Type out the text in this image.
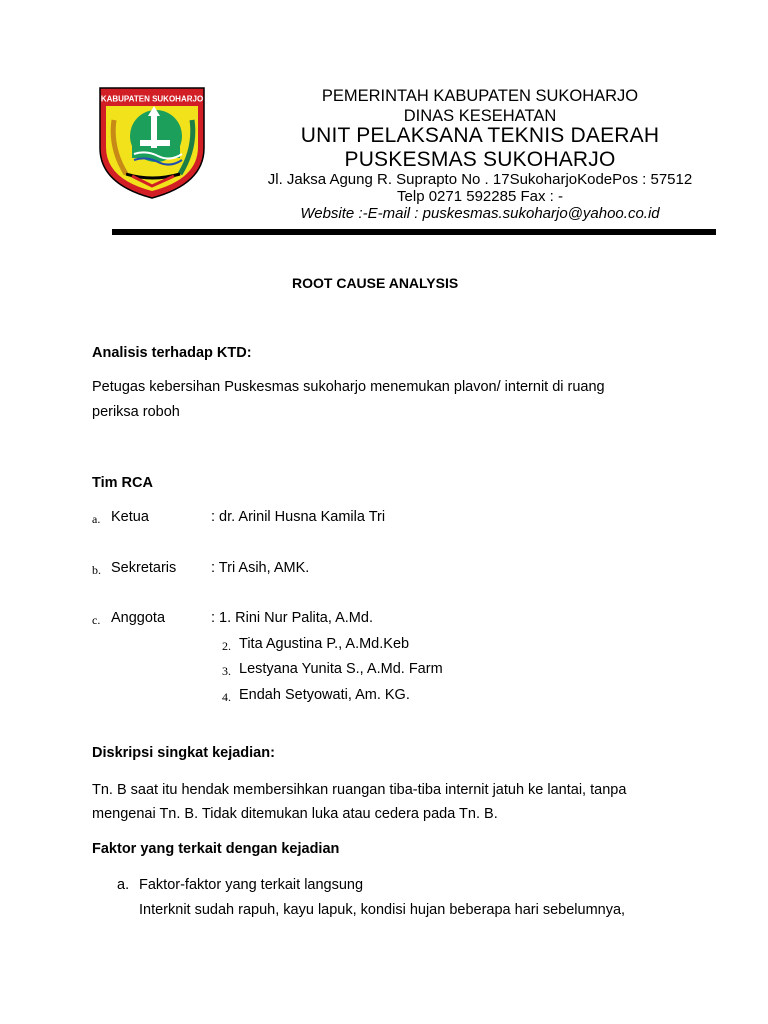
KABUPATEN SUKOHARJO	PEMERINTAH KABUPATEN SUKOHARJO
DINAS KESEHATAN
UNIT PELAKSANA TEKNIS DAERAH
PUSKESMAS SUKOHARJO
Jl. Jaksa Agung R. Suprapto No . 17SukoharjoKodePos : 57512
Telp 0271 592285 Fax : -
Website :-E-mail : puskesmas.sukoharjo@yahoo.co.id
ROOT CAUSE ANALYSIS
Analisis terhadap KTD:
Petugas kebersihan Puskesmas sukoharjo menemukan plavon/ internit di ruang
periksa roboh
Tim RCA
a. Ketua	: dr. Arinil Husna Kamila Tri
b. Sekretaris : Tri Asih, AMK.
c. Anggota	: 1. Rini Nur Palita, A.Md.
2. Tita Agustina P., A.Md.Keb
3. Lestyana Yunita S., A.Md. Farm
4. Endah Setyowati, Am. KG.
Diskripsi singkat kejadian:
Tn. B saat itu hendak membersihkan ruangan tiba-tiba internit jatuh ke lantai, tanpa
mengenai Tn. B. Tidak ditemukan luka atau cedera pada Tn. B.
Faktor yang terkait dengan kejadian
a. Faktor-faktor yang terkait langsung
Interknit sudah rapuh, kayu lapuk, kondisi hujan beberapa hari sebelumnya,
